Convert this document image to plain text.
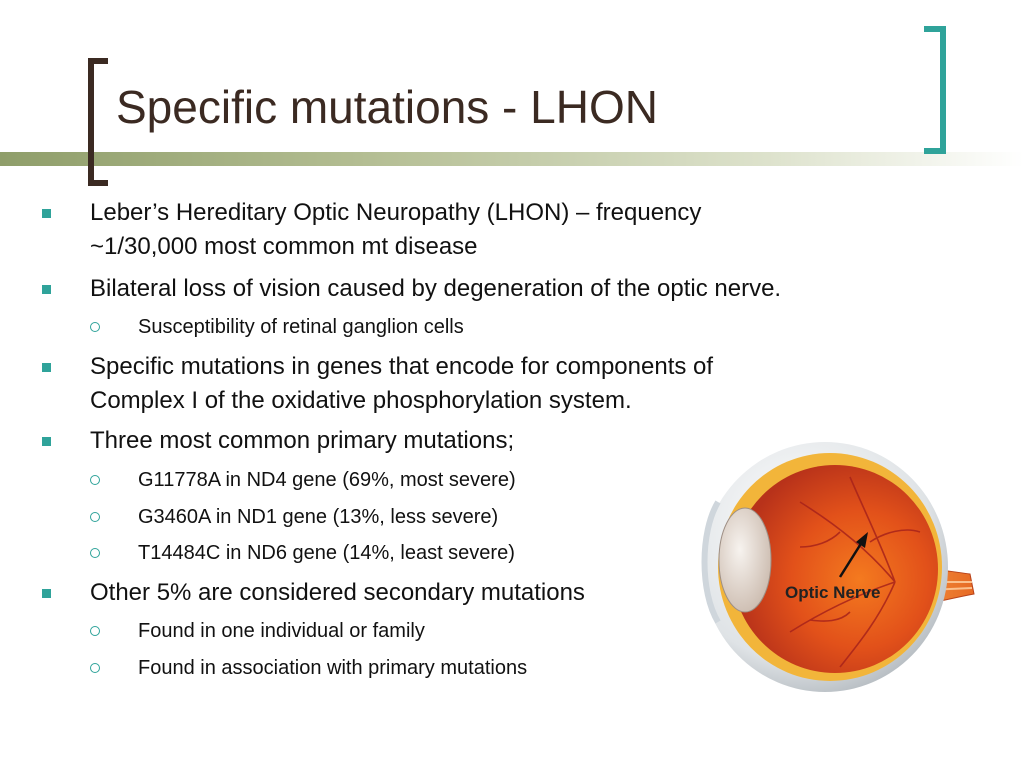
Specific mutations - LHON
Leber’s Hereditary Optic Neuropathy (LHON) – frequency
~1/30,000 most common mt disease
Bilateral loss of vision caused by degeneration of the optic nerve.
Susceptibility of retinal ganglion cells
Specific mutations in genes that encode for components of
Complex I of the oxidative phosphorylation system.
Three most common primary mutations;
G11778A in ND4 gene (69%, most severe)
G3460A in ND1 gene (13%, less severe)
T14484C in ND6 gene (14%, least severe)
Other 5% are considered secondary mutations
Found in one individual or family
Found in association with primary mutations
Optic Nerve
